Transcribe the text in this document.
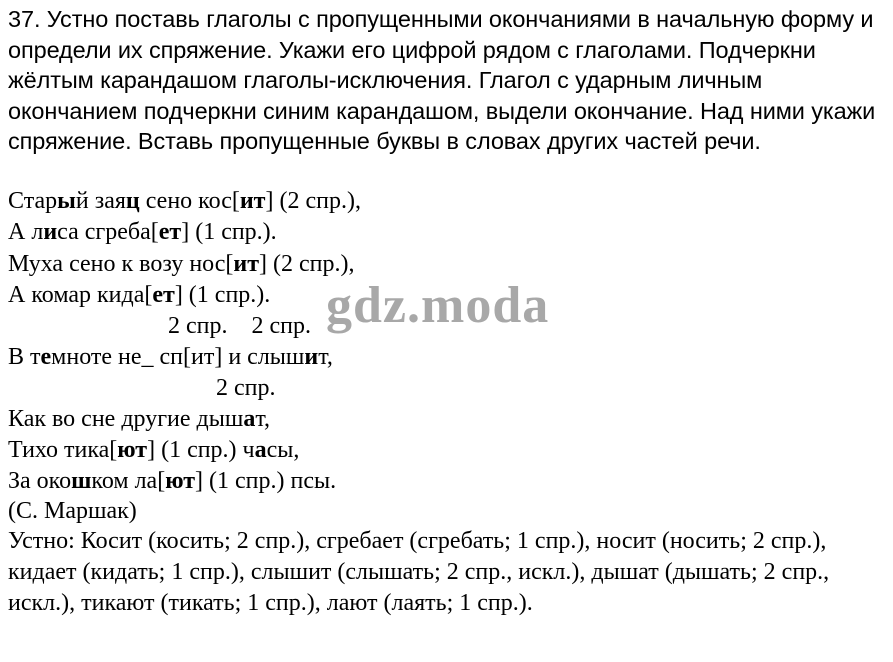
37. Устно поставь глаголы с пропущенными окончаниями в начальную форму и определи их спряжение. Укажи его цифрой рядом с глаголами. Подчеркни жёлтым карандашом глаголы-исключения. Глагол с ударным личным окончанием подчеркни синим карандашом, выдели окончание. Над ними укажи спряжение. Вставь пропущенные буквы в словах других частей речи.

Старый заяц сено кос[ит] (2 спр.),
А лиса сгреба[ет] (1 спр.).
Муха сено к возу нос[ит] (2 спр.),
А комар кида[ет] (1 спр.).
2 спр.    2 спр.
В темноте не_ сп[ит] и слышит,
2 спр.
Как во сне другие дышат,
Тихо тика[ют] (1 спр.) часы,
За окошком ла[ют] (1 спр.) псы.
(С. Маршак)
gdz.moda

Устно: Косит (косить; 2 спр.), сгребает (сгребать; 1 спр.), носит (носить; 2 спр.), кидает (кидать; 1 спр.), слышит (слышать; 2 спр., искл.), дышат (дышать; 2 спр., искл.), тикают (тикать; 1 спр.), лают (лаять; 1 спр.).
